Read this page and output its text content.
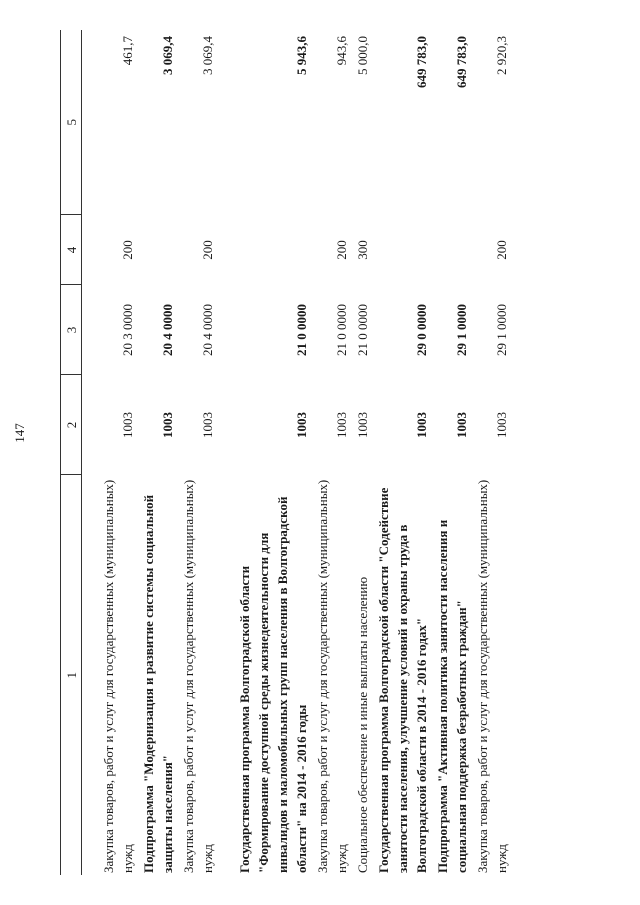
147
1	2	3	4	5

Закупка товаров, работ и услуг для государственных (муниципальных) нужд	1003	20 3 0000	200	461,7
Подпрограмма "Модернизация и развитие системы социальной защиты населения"	1003	20 4 0000		3 069,4
Закупка товаров, работ и услуг для государственных (муниципальных) нужд	1003	20 4 0000	200	3 069,4

Государственная программа Волгоградской области "Формирование доступной среды жизнедеятельности для инвалидов и маломобильных групп населения в Волгоградской области" на 2014 - 2016 годы	1003	21 0 0000		5 943,6
Закупка товаров, работ и услуг для государственных (муниципальных) нужд	1003	21 0 0000	200	943,6
Социальное обеспечение и иные выплаты населению	1003	21 0 0000	300	5 000,0
Государственная программа Волгоградской области "Содействие занятости населения, улучшение условий и охраны труда в Волгоградской области в 2014 - 2016 годах"	1003	29 0 0000		649 783,0
Подпрограмма "Активная политика занятости населения и социальная поддержка безработных граждан"	1003	29 1 0000		649 783,0
Закупка товаров, работ и услуг для государственных (муниципальных) нужд	1003	29 1 0000	200	2 920,3
